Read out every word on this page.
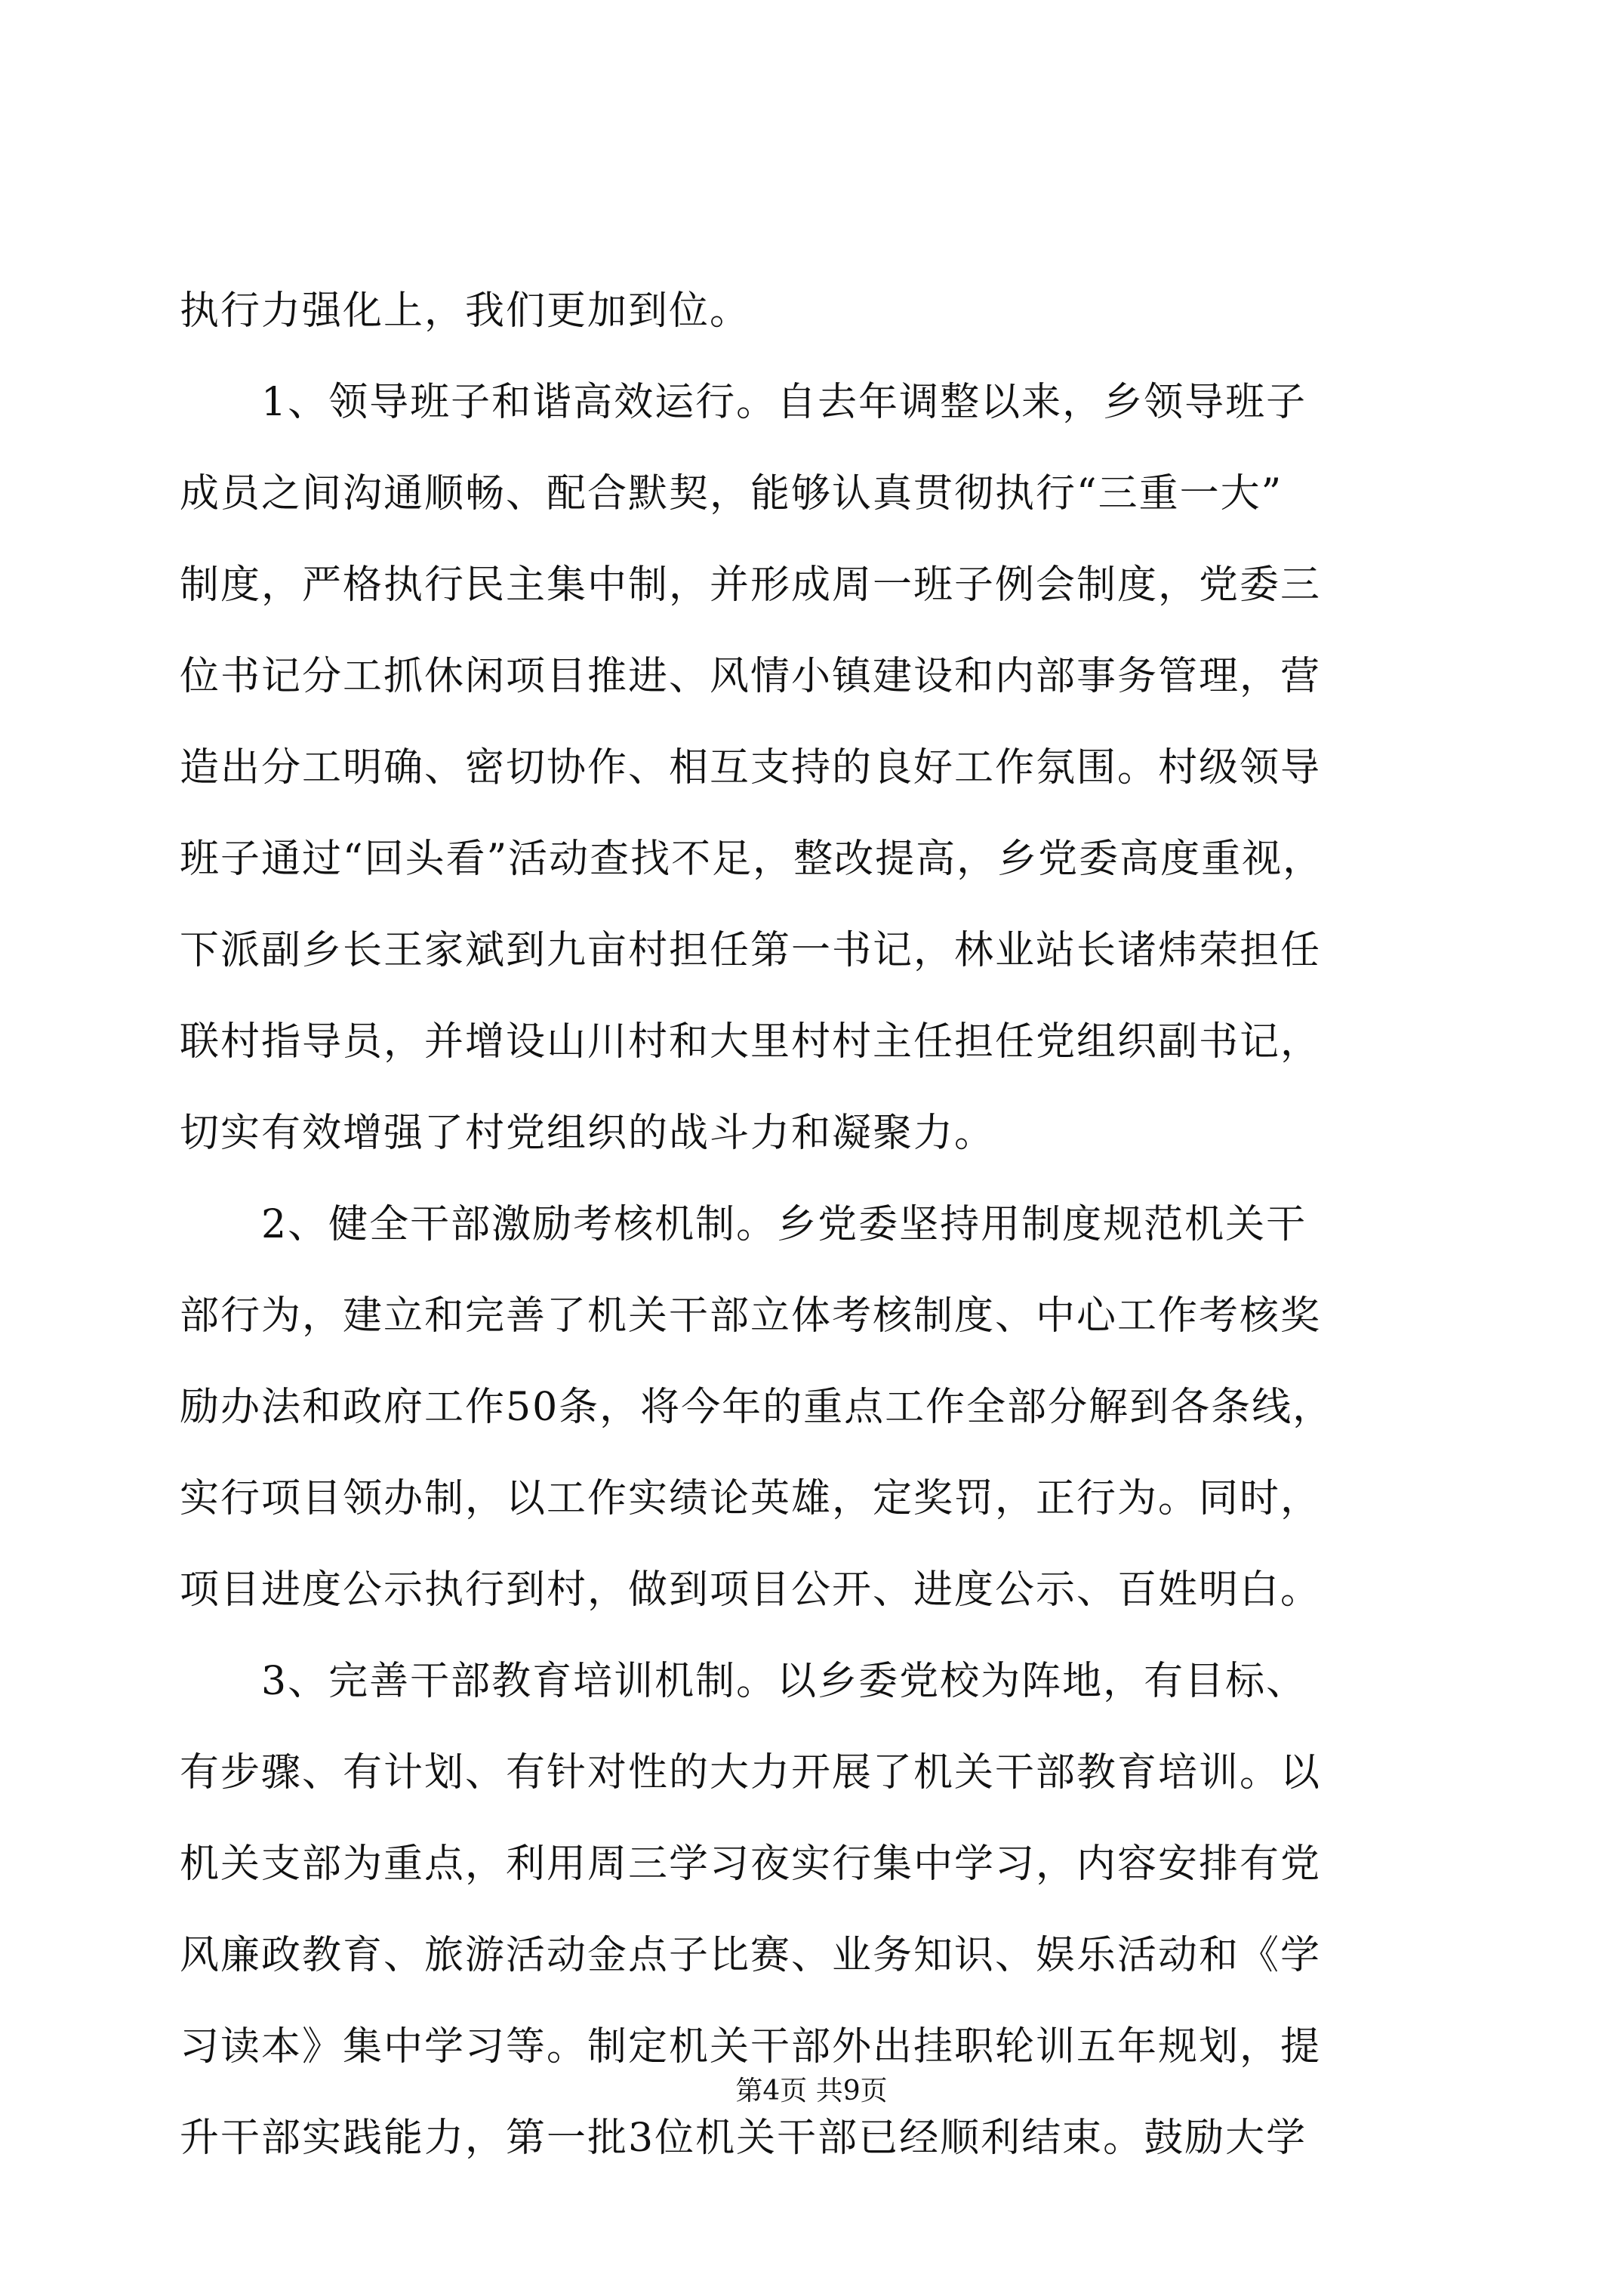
执行力强化上，我们更加到位。
　　1、领导班子和谐高效运行。自去年调整以来，乡领导班子
成员之间沟通顺畅、配合默契，能够认真贯彻执行“三重一大”
制度，严格执行民主集中制，并形成周一班子例会制度，党委三
位书记分工抓休闲项目推进、风情小镇建设和内部事务管理，营
造出分工明确、密切协作、相互支持的良好工作氛围。村级领导
班子通过“回头看”活动查找不足，整改提高，乡党委高度重视，
下派副乡长王家斌到九亩村担任第一书记，林业站长诸炜荣担任
联村指导员，并增设山川村和大里村村主任担任党组织副书记，
切实有效增强了村党组织的战斗力和凝聚力。
　　2、健全干部激励考核机制。乡党委坚持用制度规范机关干
部行为，建立和完善了机关干部立体考核制度、中心工作考核奖
励办法和政府工作50条，将今年的重点工作全部分解到各条线，
实行项目领办制，以工作实绩论英雄，定奖罚，正行为。同时，
项目进度公示执行到村，做到项目公开、进度公示、百姓明白。
　　3、完善干部教育培训机制。以乡委党校为阵地，有目标、
有步骤、有计划、有针对性的大力开展了机关干部教育培训。以
机关支部为重点，利用周三学习夜实行集中学习，内容安排有党
风廉政教育、旅游活动金点子比赛、业务知识、娱乐活动和《学
习读本》集中学习等。制定机关干部外出挂职轮训五年规划，提
升干部实践能力，第一批3位机关干部已经顺利结束。鼓励大学
第4页 共9页
